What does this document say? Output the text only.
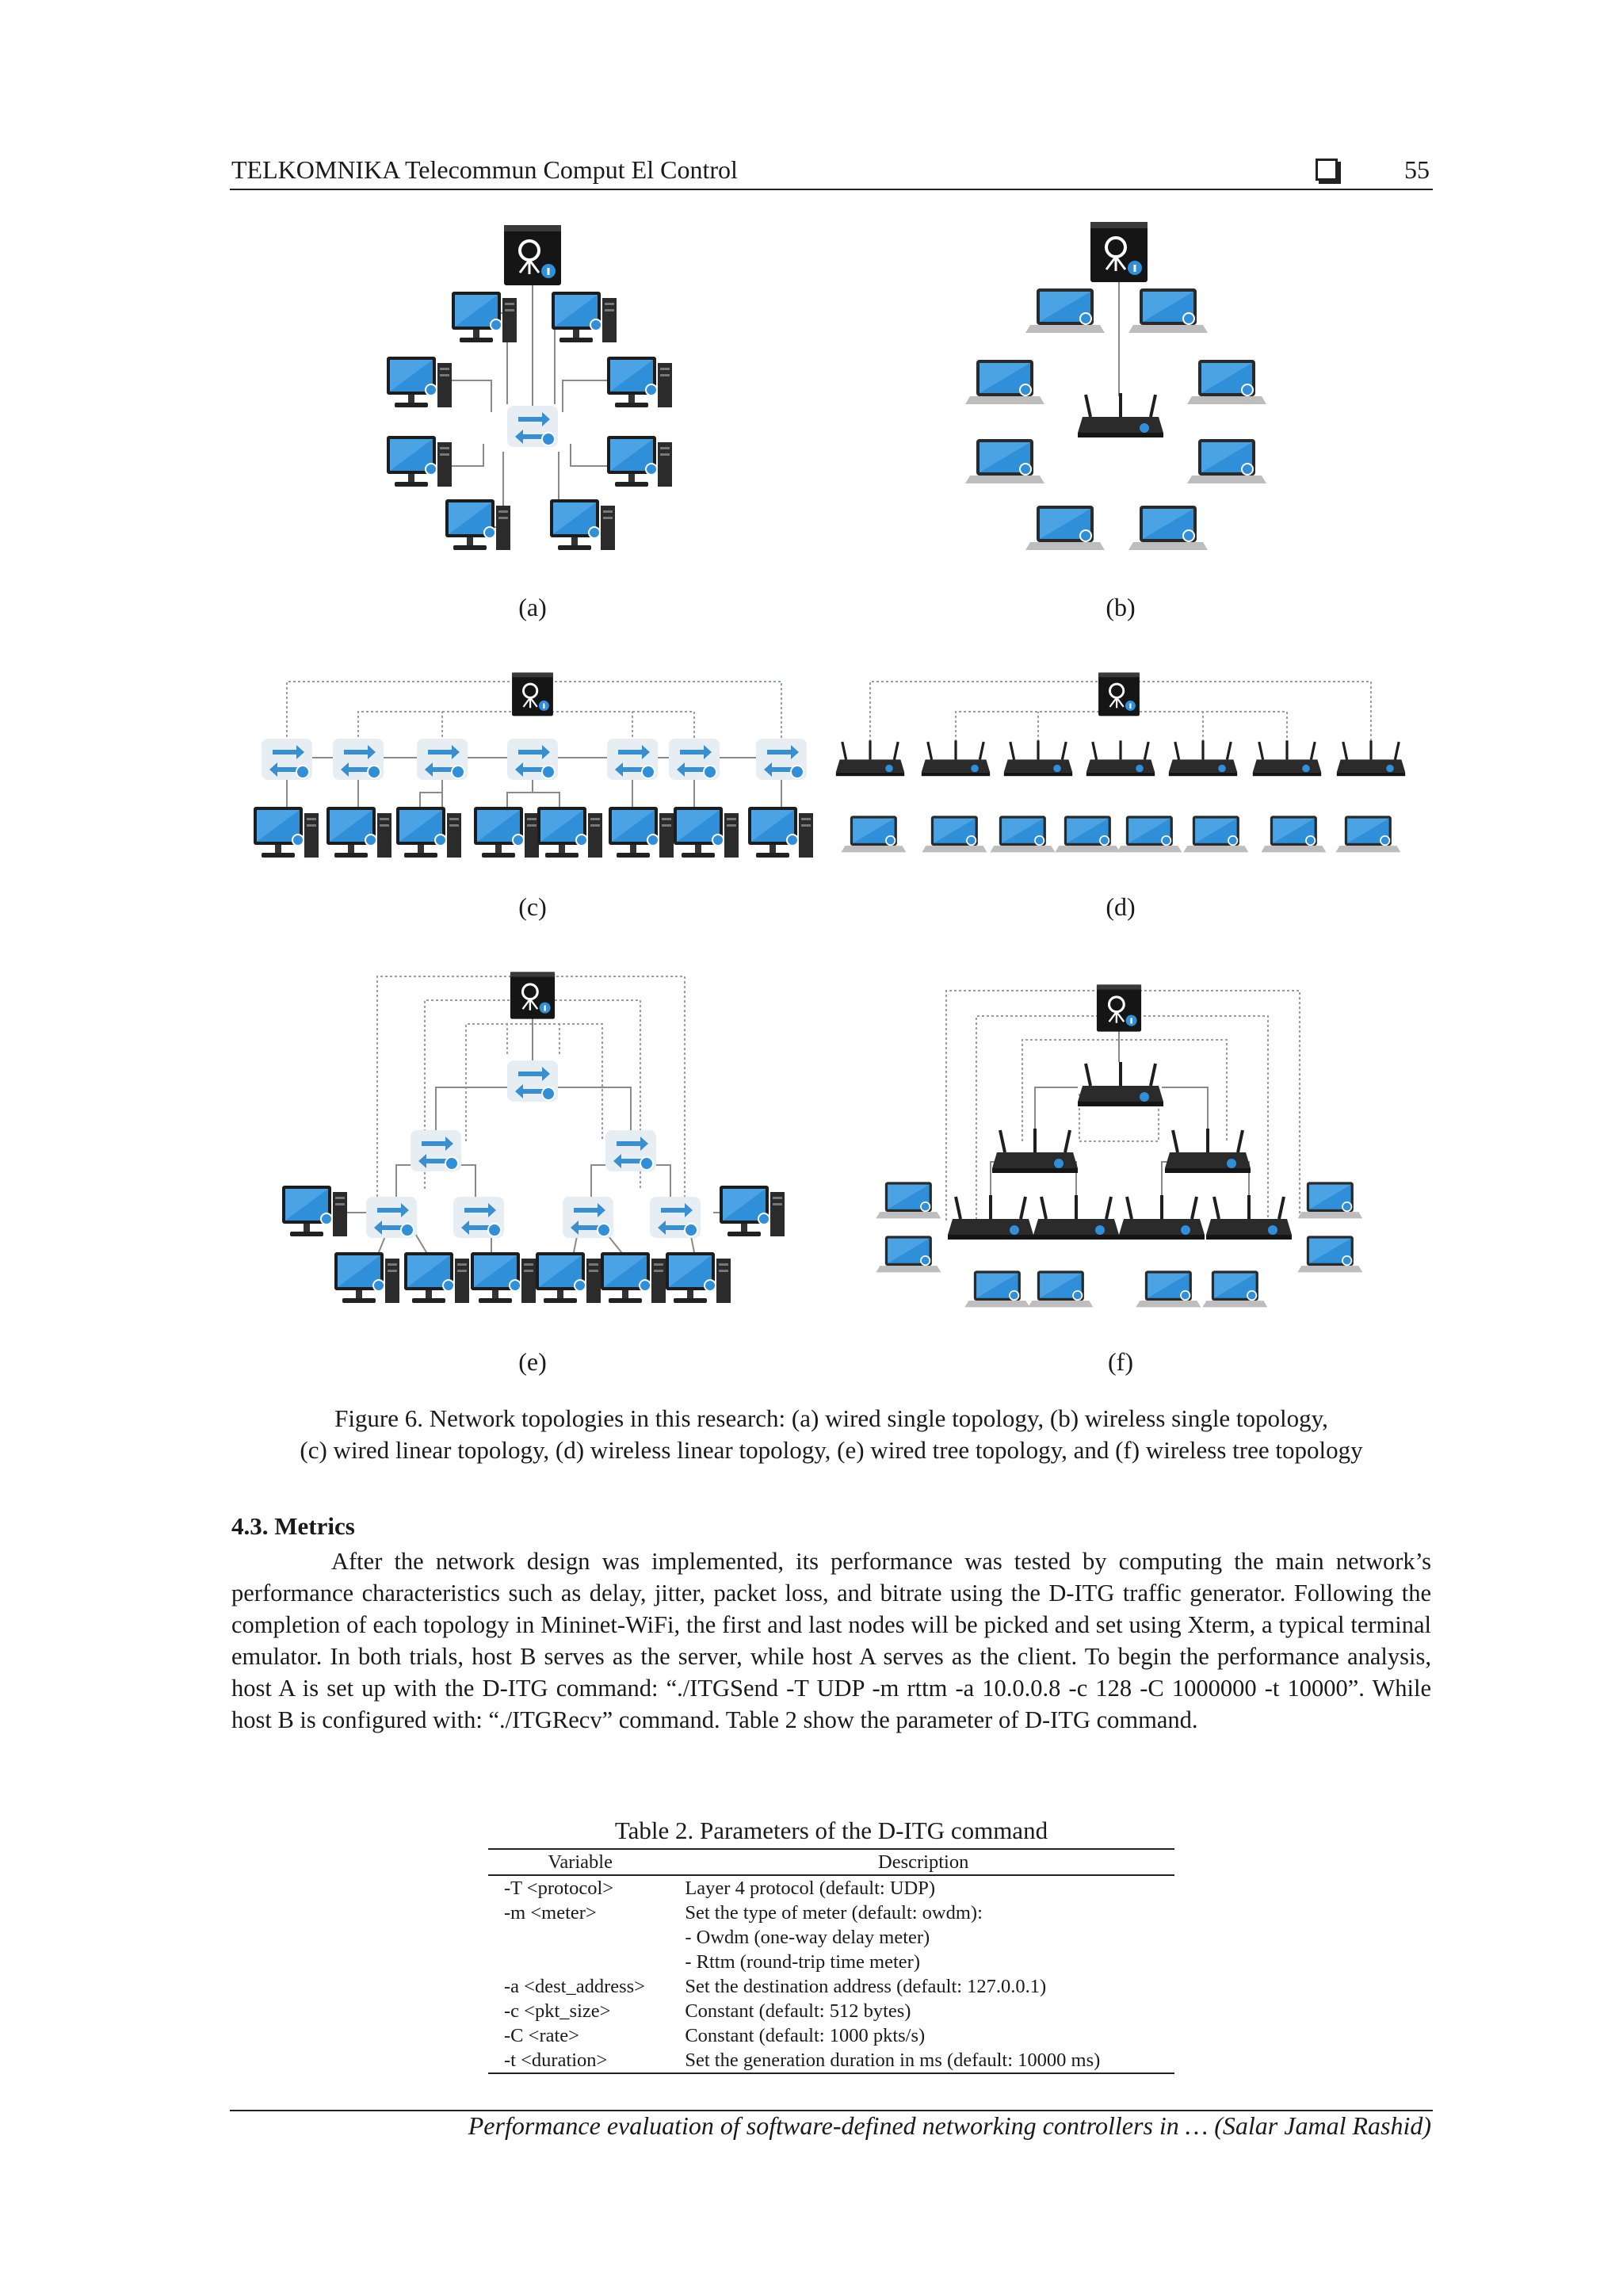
TELKOMNIKA Telecommun Comput El Control	55
(a)	(b)
(c)	(d)
(e)	(f)
Figure 6. Network topologies in this research: (a) wired single topology, (b) wireless single topology,
(c) wired linear topology, (d) wireless linear topology, (e) wired tree topology, and (f) wireless tree topology
4.3. Metrics
After the network design was implemented, its performance was tested by computing the main network’s performance characteristics such as delay, jitter, packet loss, and bitrate using the D-ITG traffic generator. Following the completion of each topology in Mininet-WiFi, the first and last nodes will be picked and set using Xterm, a typical terminal emulator. In both trials, host B serves as the server, while host A serves as the client. To begin the performance analysis, host A is set up with the D-ITG command: “./ITGSend -T UDP -m rttm -a 10.0.0.8 -c 128 -C 1000000 -t 10000”. While host B is configured with: “./ITGRecv” command. Table 2 show the parameter of D-ITG command.
Table 2. Parameters of the D-ITG command
Variable	Description
-T <protocol>	Layer 4 protocol (default: UDP)
-m <meter>	Set the type of meter (default: owdm):
	- Owdm (one-way delay meter)
	- Rttm (round-trip time meter)
-a <dest_address>	Set the destination address (default: 127.0.0.1)
-c <pkt_size>	Constant (default: 512 bytes)
-C <rate>	Constant (default: 1000 pkts/s)
-t <duration>	Set the generation duration in ms (default: 10000 ms)
Performance evaluation of software-defined networking controllers in … (Salar Jamal Rashid)
